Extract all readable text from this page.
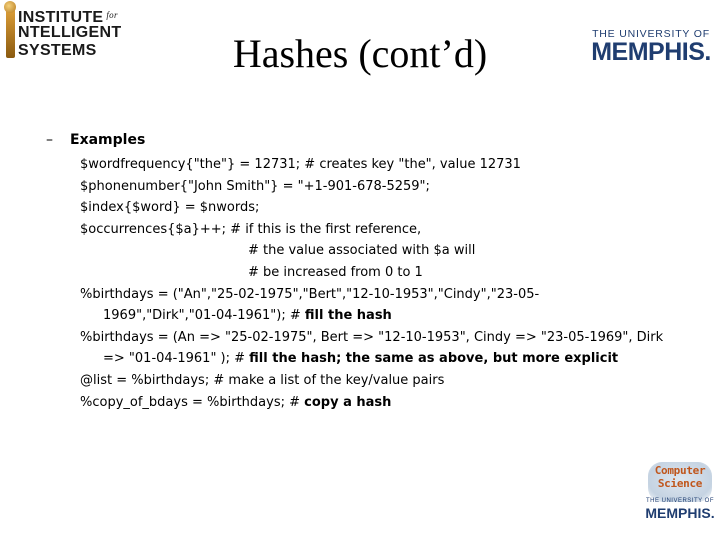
INSTITUTE $^{for}$
NTELLIGENT
SYSTEMS	Hashes (cont’d)	THE UNIVERSITY OF
MEMPHIS.
–	Examples
$wordfrequency{"the"} = 12731; # creates key "the", value 12731
$phonenumber{"John Smith"} = "+1-901-678-5259";
$index{$word} = $nwords;
$occurrences{$a}++; # if this is the first reference,
# the value associated with $a will
# be increased from 0 to 1
%birthdays = ("An","25-02-1975","Bert","12-10-1953","Cindy","23-05-
1969","Dirk","01-04-1961"); # fill the hash
%birthdays = (An => "25-02-1975", Bert => "12-10-1953", Cindy => "23-05-1969", Dirk
=> "01-04-1961" ); # fill the hash; the same as above, but more explicit
@list = %birthdays; # make a list of the key/value pairs
%copy_of_bdays = %birthdays; # copy a hash
Computer
Science
THE UNIVERSITY OF
MEMPHIS.
